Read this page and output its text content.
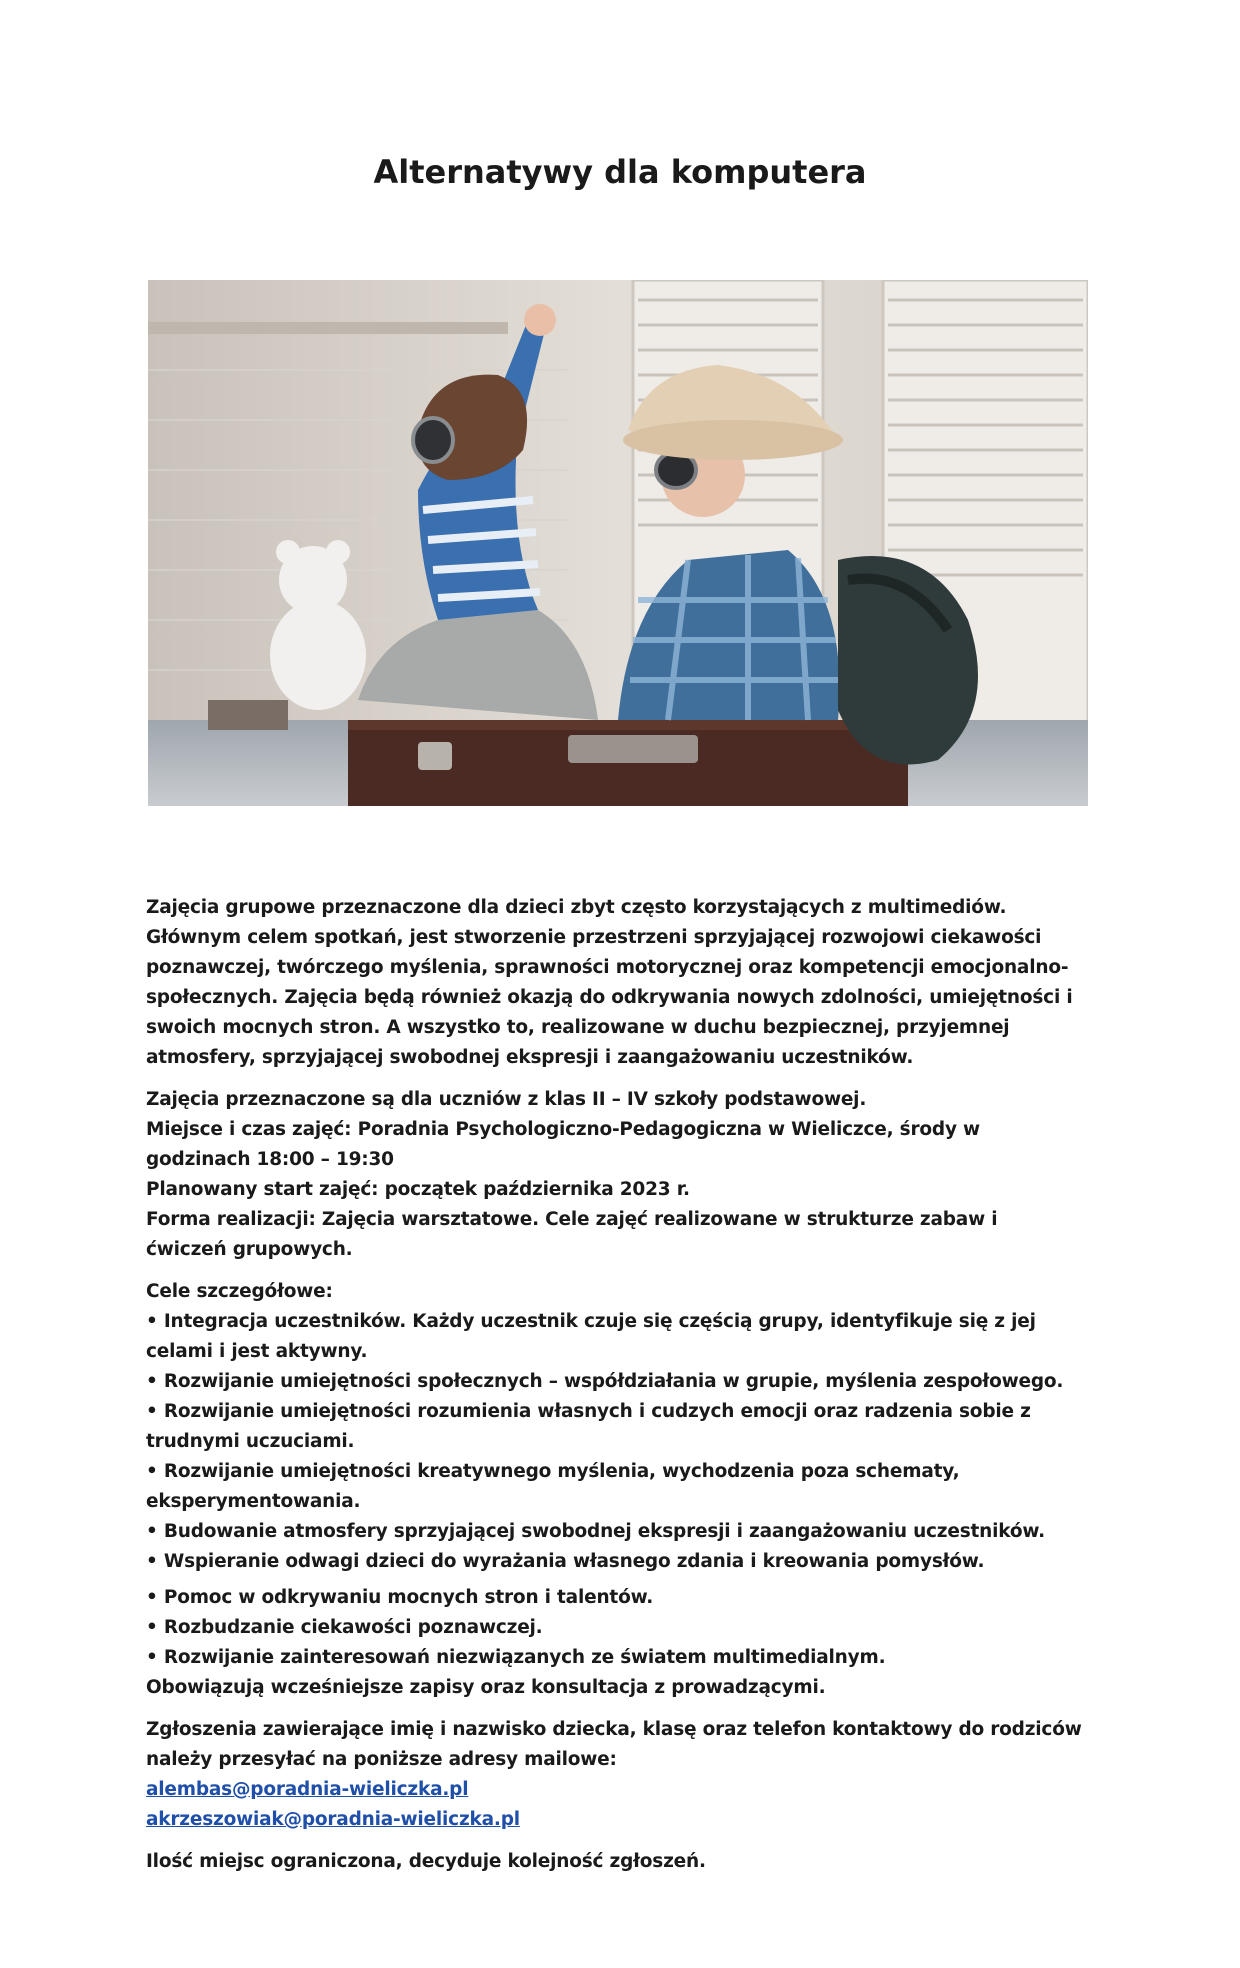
Alternatywy dla komputera

Zajęcia grupowe przeznaczone dla dzieci zbyt często korzystających z multimediów. Głównym celem spotkań, jest stworzenie przestrzeni sprzyjającej rozwojowi ciekawości poznawczej, twórczego myślenia, sprawności motorycznej oraz kompetencji emocjonalno-społecznych. Zajęcia będą również okazją do odkrywania nowych zdolności, umiejętności i swoich mocnych stron. A wszystko to, realizowane w duchu bezpiecznej, przyjemnej atmosfery, sprzyjającej swobodnej ekspresji i zaangażowaniu uczestników.

Zajęcia przeznaczone są dla uczniów z klas II – IV szkoły podstawowej.
Miejsce i czas zajęć: Poradnia Psychologiczno-Pedagogiczna w Wieliczce, środy w godzinach 18:00 – 19:30
Planowany start zajęć: początek października 2023 r.
Forma realizacji: Zajęcia warsztatowe. Cele zajęć realizowane w strukturze zabaw i ćwiczeń grupowych.

Cele szczegółowe:
• Integracja uczestników. Każdy uczestnik czuje się częścią grupy, identyfikuje się z jej celami i jest aktywny.
• Rozwijanie umiejętności społecznych – współdziałania w grupie, myślenia zespołowego.
• Rozwijanie umiejętności rozumienia własnych i cudzych emocji oraz radzenia sobie z trudnymi uczuciami.
• Rozwijanie umiejętności kreatywnego myślenia, wychodzenia poza schematy, eksperymentowania.
• Budowanie atmosfery sprzyjającej swobodnej ekspresji i zaangażowaniu uczestników.
• Wspieranie odwagi dzieci do wyrażania własnego zdania i kreowania pomysłów.
• Pomoc w odkrywaniu mocnych stron i talentów.
• Rozbudzanie ciekawości poznawczej.
• Rozwijanie zainteresowań niezwiązanych ze światem multimedialnym.
Obowiązują wcześniejsze zapisy oraz konsultacja z prowadzącymi.

Zgłoszenia zawierające imię i nazwisko dziecka, klasę oraz telefon kontaktowy do rodziców należy przesyłać na poniższe adresy mailowe:
alembas@poradnia-wieliczka.pl
akrzeszowiak@poradnia-wieliczka.pl

Ilość miejsc ograniczona, decyduje kolejność zgłoszeń.
